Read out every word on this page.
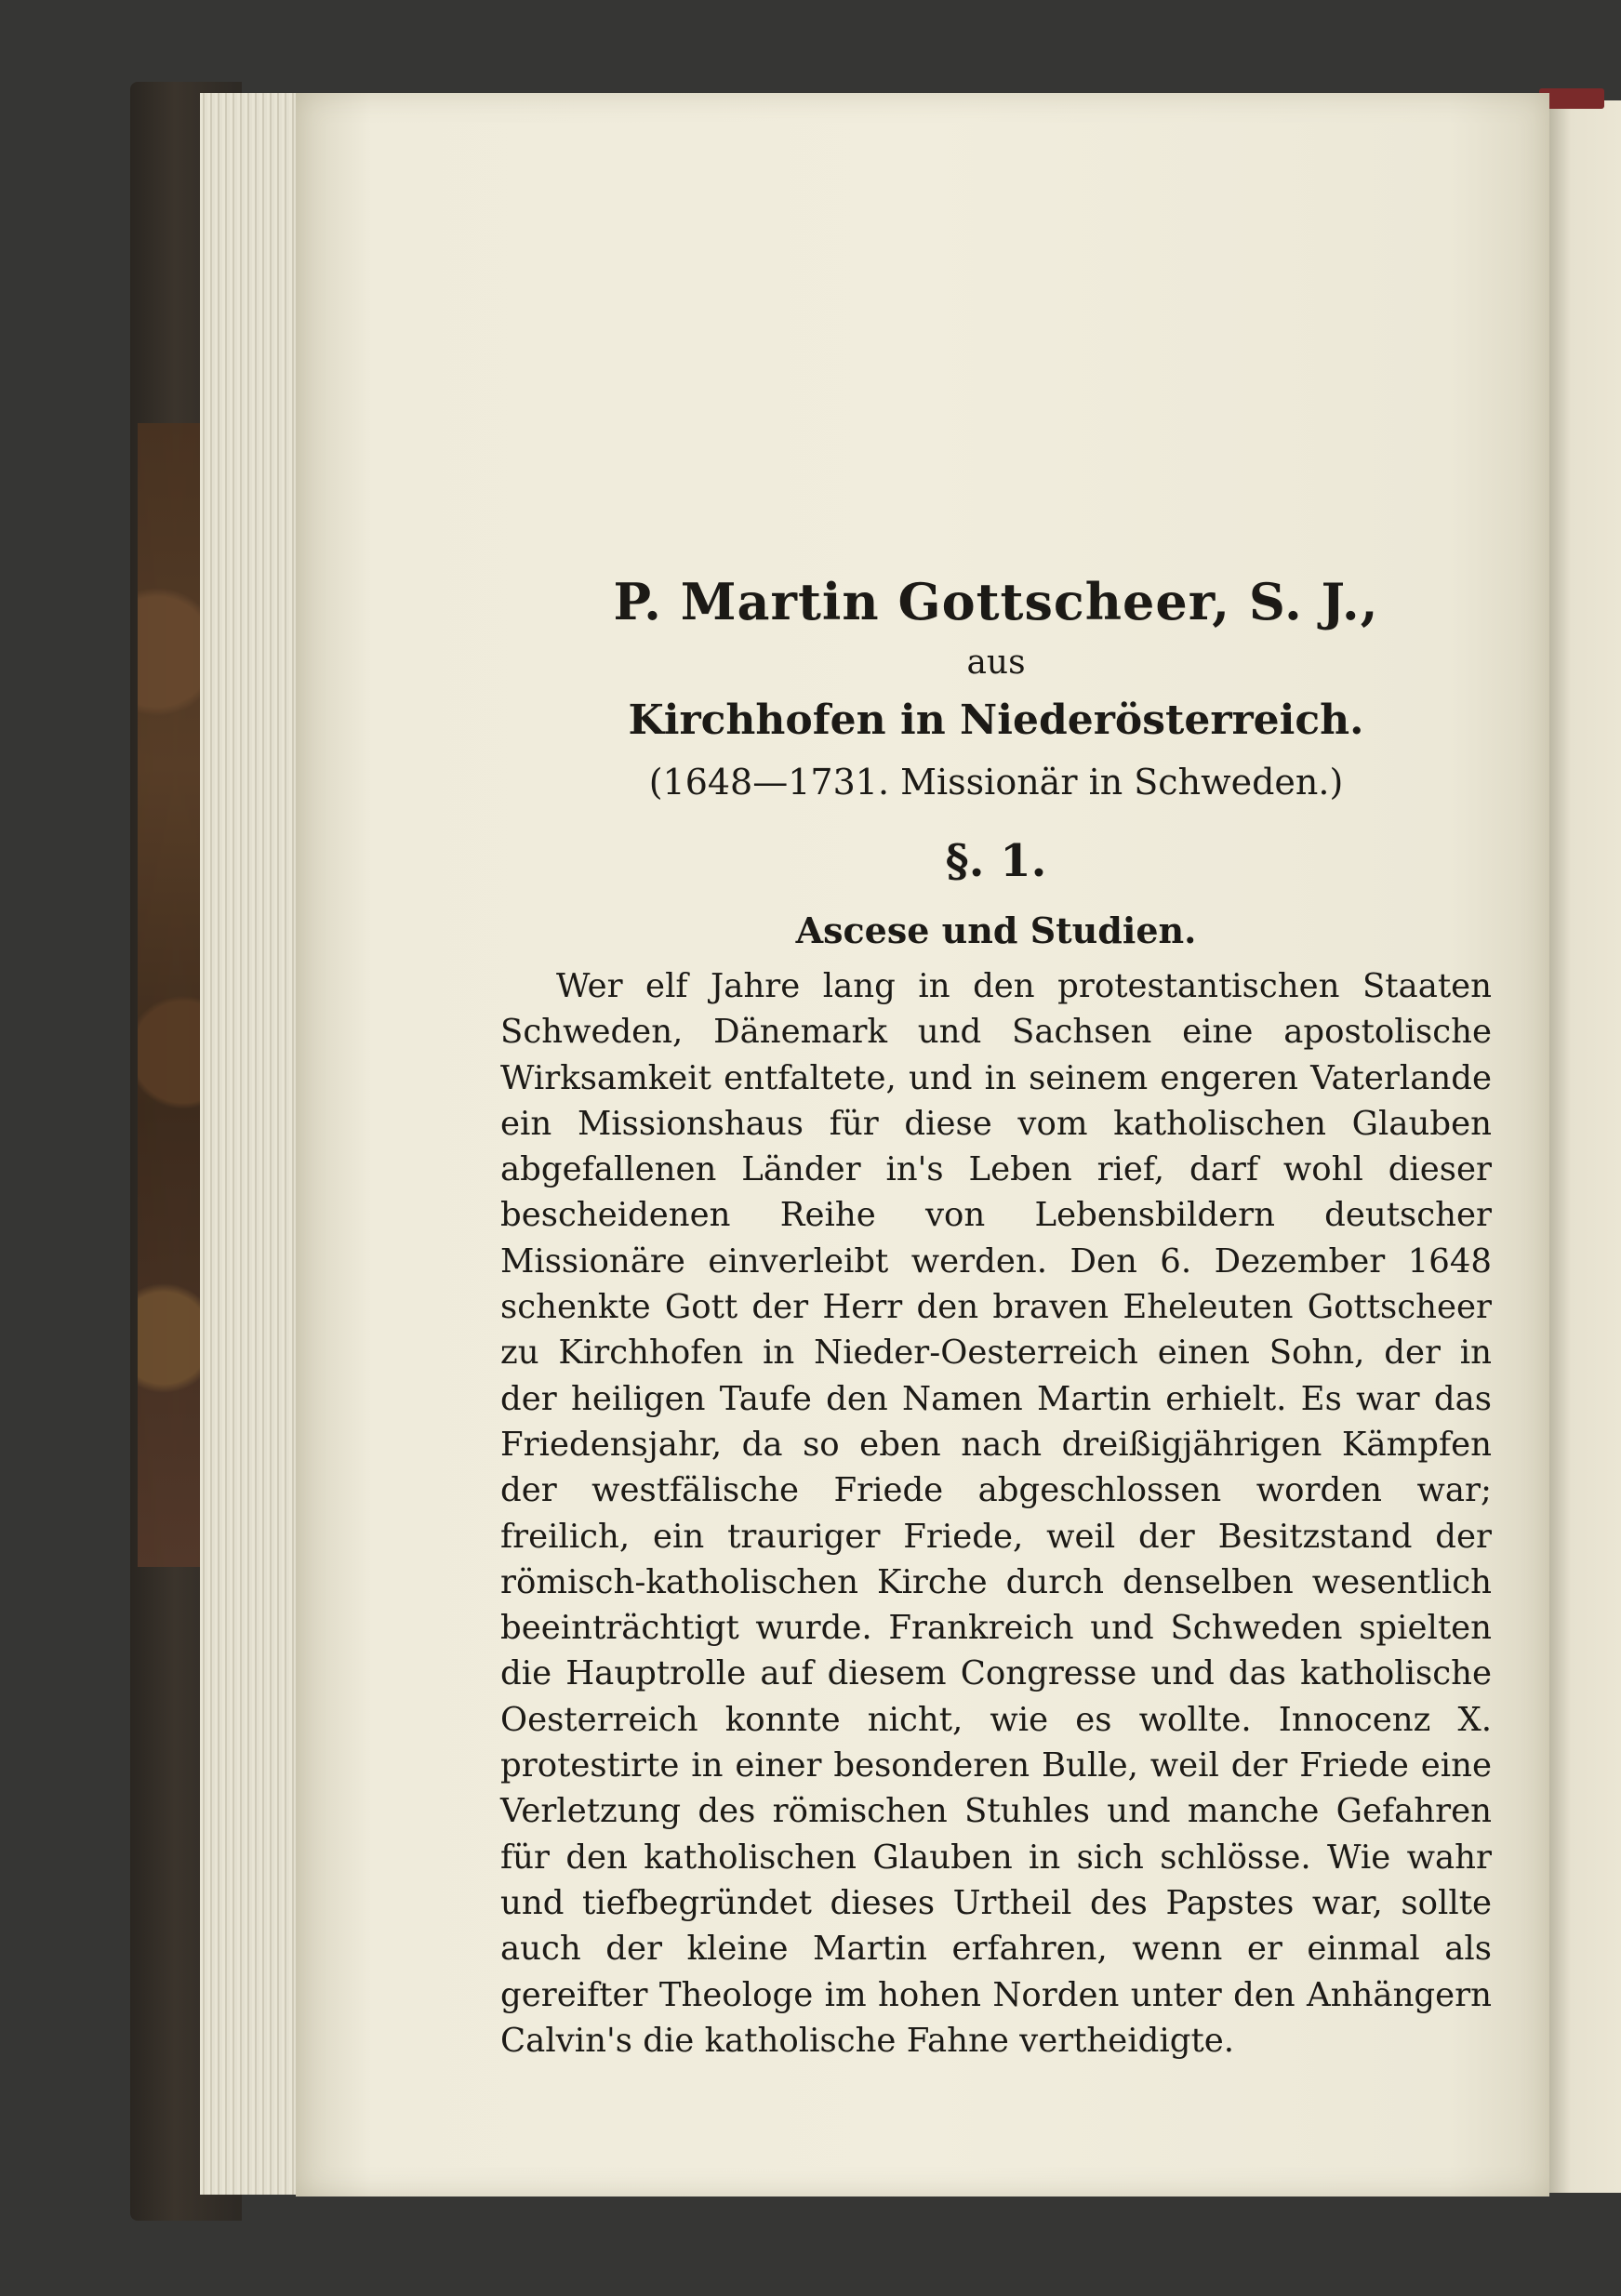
P. Martin Gottscheer, S. J.,

aus

Kirchhofen in Niederösterreich.

(1648—1731. Missionär in Schweden.)

§. 1.

Ascese und Studien.

Wer elf Jahre lang in den protestantischen Staaten Schweden, Dänemark und Sachsen eine apostolische Wirksamkeit entfaltete, und in seinem engeren Vaterlande ein Missionshaus für diese vom katholischen Glauben abgefallenen Länder in's Leben rief, darf wohl dieser bescheidenen Reihe von Lebensbildern deutscher Missionäre einverleibt werden. Den 6. Dezember 1648 schenkte Gott der Herr den braven Eheleuten Gottscheer zu Kirchhofen in Nieder-Oesterreich einen Sohn, der in der heiligen Taufe den Namen Martin erhielt. Es war das Friedensjahr, da so eben nach dreißigjährigen Kämpfen der westfälische Friede abgeschlossen worden war; freilich, ein trauriger Friede, weil der Besitzstand der römisch-katholischen Kirche durch denselben wesentlich beeinträchtigt wurde. Frankreich und Schweden spielten die Hauptrolle auf diesem Congresse und das katholische Oesterreich konnte nicht, wie es wollte. Innocenz X. protestirte in einer besonderen Bulle, weil der Friede eine Verletzung des römischen Stuhles und manche Gefahren für den katholischen Glauben in sich schlösse. Wie wahr und tiefbegründet dieses Urtheil des Papstes war, sollte auch der kleine Martin erfahren, wenn er einmal als gereifter Theologe im hohen Norden unter den Anhängern Calvin's die katholische Fahne vertheidigte.
